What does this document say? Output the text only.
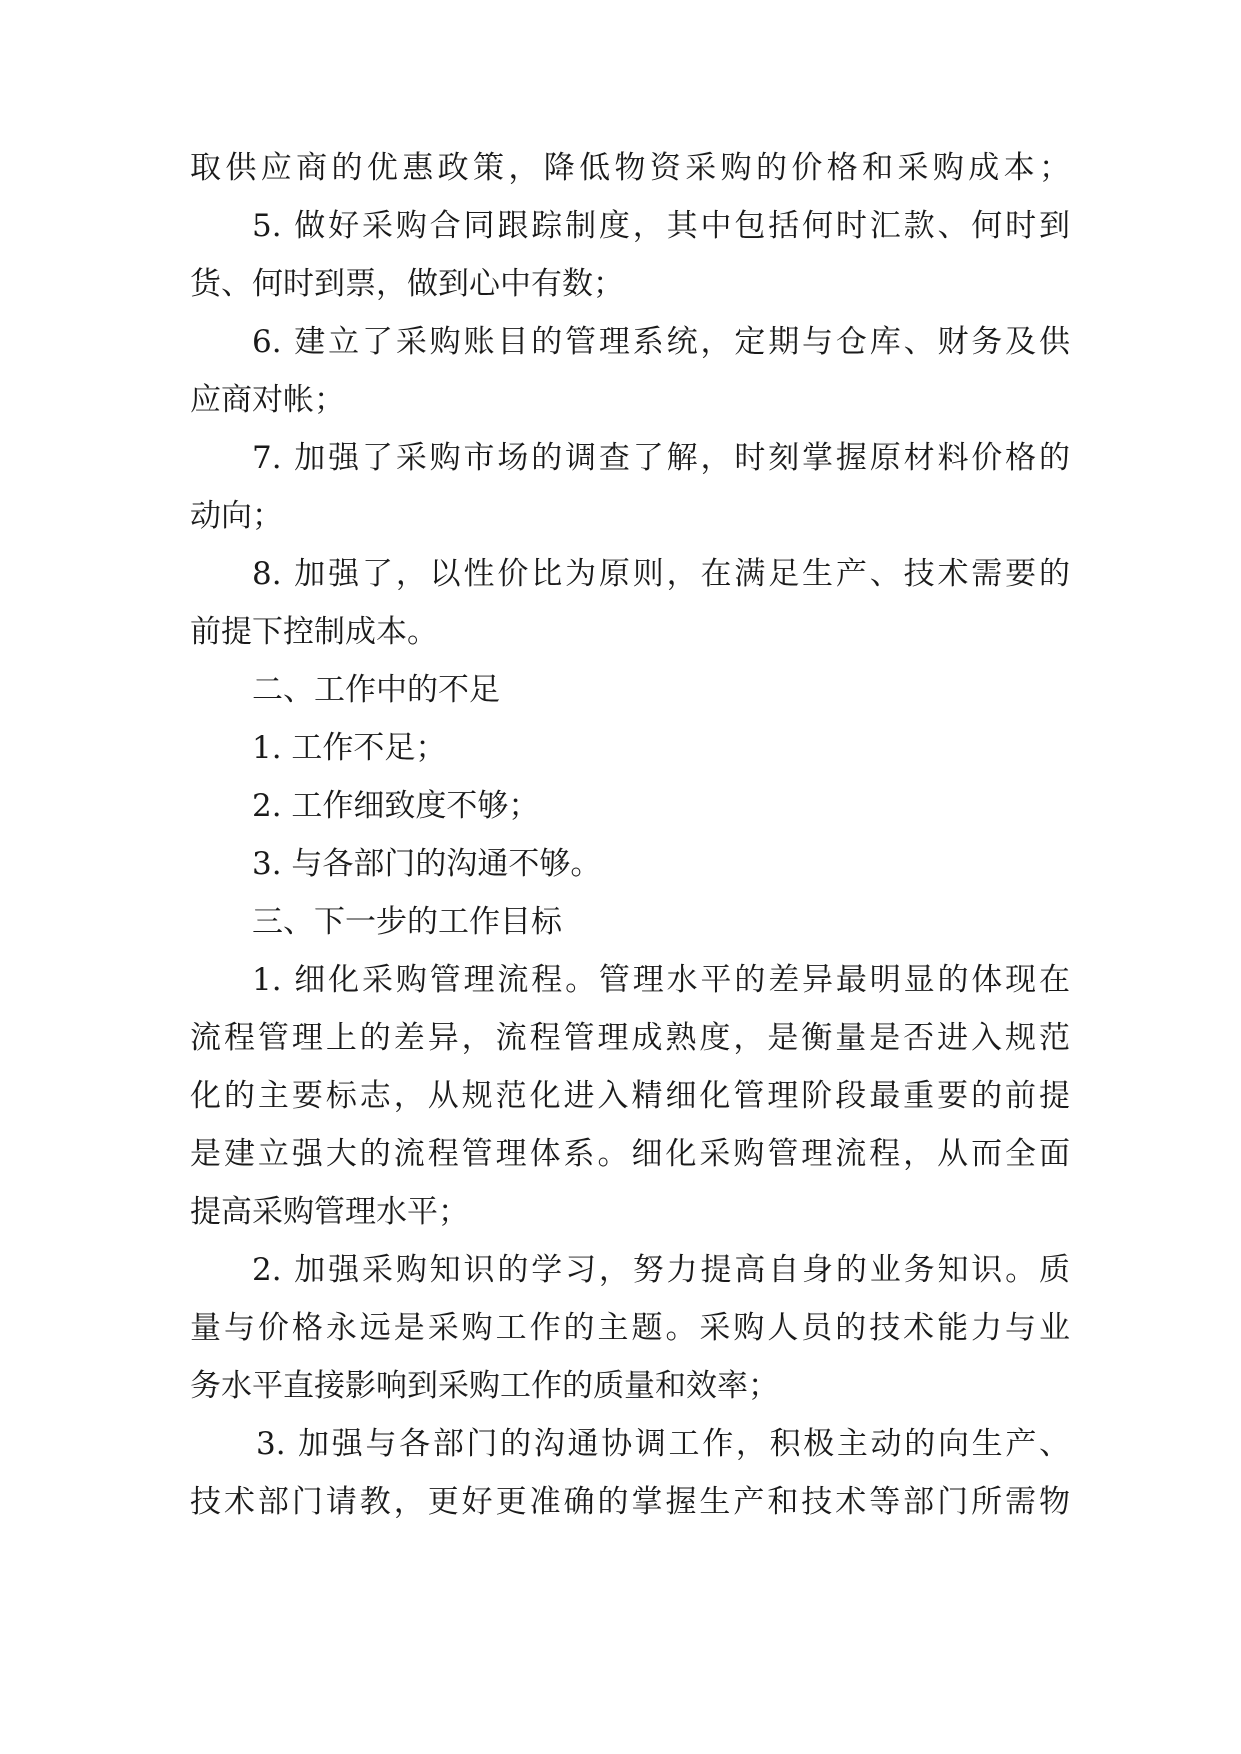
取供应商的优惠政策，降低物资采购的价格和采购成本；

5. 做好采购合同跟踪制度，其中包括何时汇款、何时到

货、何时到票，做到心中有数；

6. 建立了采购账目的管理系统，定期与仓库、财务及供

应商对帐；

7. 加强了采购市场的调查了解，时刻掌握原材料价格的

动向；

8. 加强了，以性价比为原则，在满足生产、技术需要的

前提下控制成本。

二、工作中的不足

1. 工作不足；

2. 工作细致度不够；

3. 与各部门的沟通不够。

三、下一步的工作目标

1. 细化采购管理流程。管理水平的差异最明显的体现在

流程管理上的差异，流程管理成熟度，是衡量是否进入规范

化的主要标志，从规范化进入精细化管理阶段最重要的前提

是建立强大的流程管理体系。细化采购管理流程，从而全面

提高采购管理水平；

2. 加强采购知识的学习，努力提高自身的业务知识。质

量与价格永远是采购工作的主题。采购人员的技术能力与业

务水平直接影响到采购工作的质量和效率；

3. 加强与各部门的沟通协调工作，积极主动的向生产、

技术部门请教，更好更准确的掌握生产和技术等部门所需物
